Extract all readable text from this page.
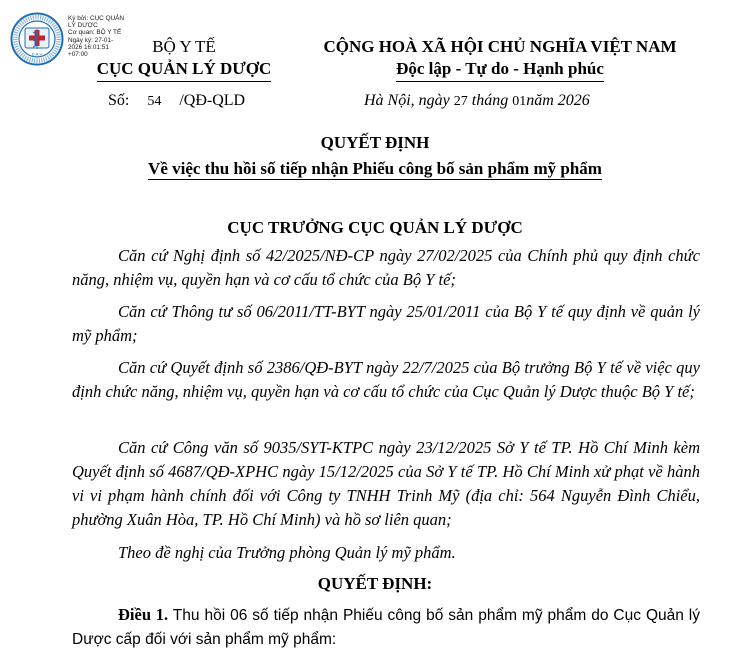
D.A.V
Ký bởi: CỤC QUẢN
LÝ DƯỢC
Cơ quan: BỘ Y TẾ
Ngày ký: 27-01-
2026 16:01:51
+07:00	BỘ Y TẾ
CỤC QUẢN LÝ DƯỢC
CỘNG HOÀ XÃ HỘI CHỦ NGHĨA VIỆT NAM
Độc lập - Tự do - Hạnh phúc
Số: 54 /QĐ-QLD	Hà Nội, ngày 27 tháng 01năm 2026
QUYẾT ĐỊNH
Về việc thu hồi số tiếp nhận Phiếu công bố sản phẩm mỹ phẩm
CỤC TRƯỞNG CỤC QUẢN LÝ DƯỢC
Căn cứ Nghị định số 42/2025/NĐ-CP ngày 27/02/2025 của Chính phủ quy định chức năng, nhiệm vụ, quyền hạn và cơ cấu tổ chức của Bộ Y tế;
Căn cứ Thông tư số 06/2011/TT-BYT ngày 25/01/2011 của Bộ Y tế quy định về quản lý mỹ phẩm;
Căn cứ Quyết định số 2386/QĐ-BYT ngày 22/7/2025 của Bộ trưởng Bộ Y tế về việc quy định chức năng, nhiệm vụ, quyền hạn và cơ cấu tổ chức của Cục Quản lý Dược thuộc Bộ Y tế;
Căn cứ Công văn số 9035/SYT-KTPC ngày 23/12/2025 Sở Y tế TP. Hồ Chí Minh kèm Quyết định số 4687/QĐ-XPHC ngày 15/12/2025 của Sở Y tế TP. Hồ Chí Minh xử phạt về hành vi vi phạm hành chính đối với Công ty TNHH Trinh Mỹ (địa chỉ: 564 Nguyễn Đình Chiểu, phường Xuân Hòa, TP. Hồ Chí Minh) và hồ sơ liên quan;
Theo đề nghị của Trưởng phòng Quản lý mỹ phẩm.
QUYẾT ĐỊNH:
Điều 1. Thu hồi 06 số tiếp nhận Phiếu công bố sản phẩm mỹ phẩm do Cục Quản lý Dược cấp đối với sản phẩm mỹ phẩm:
